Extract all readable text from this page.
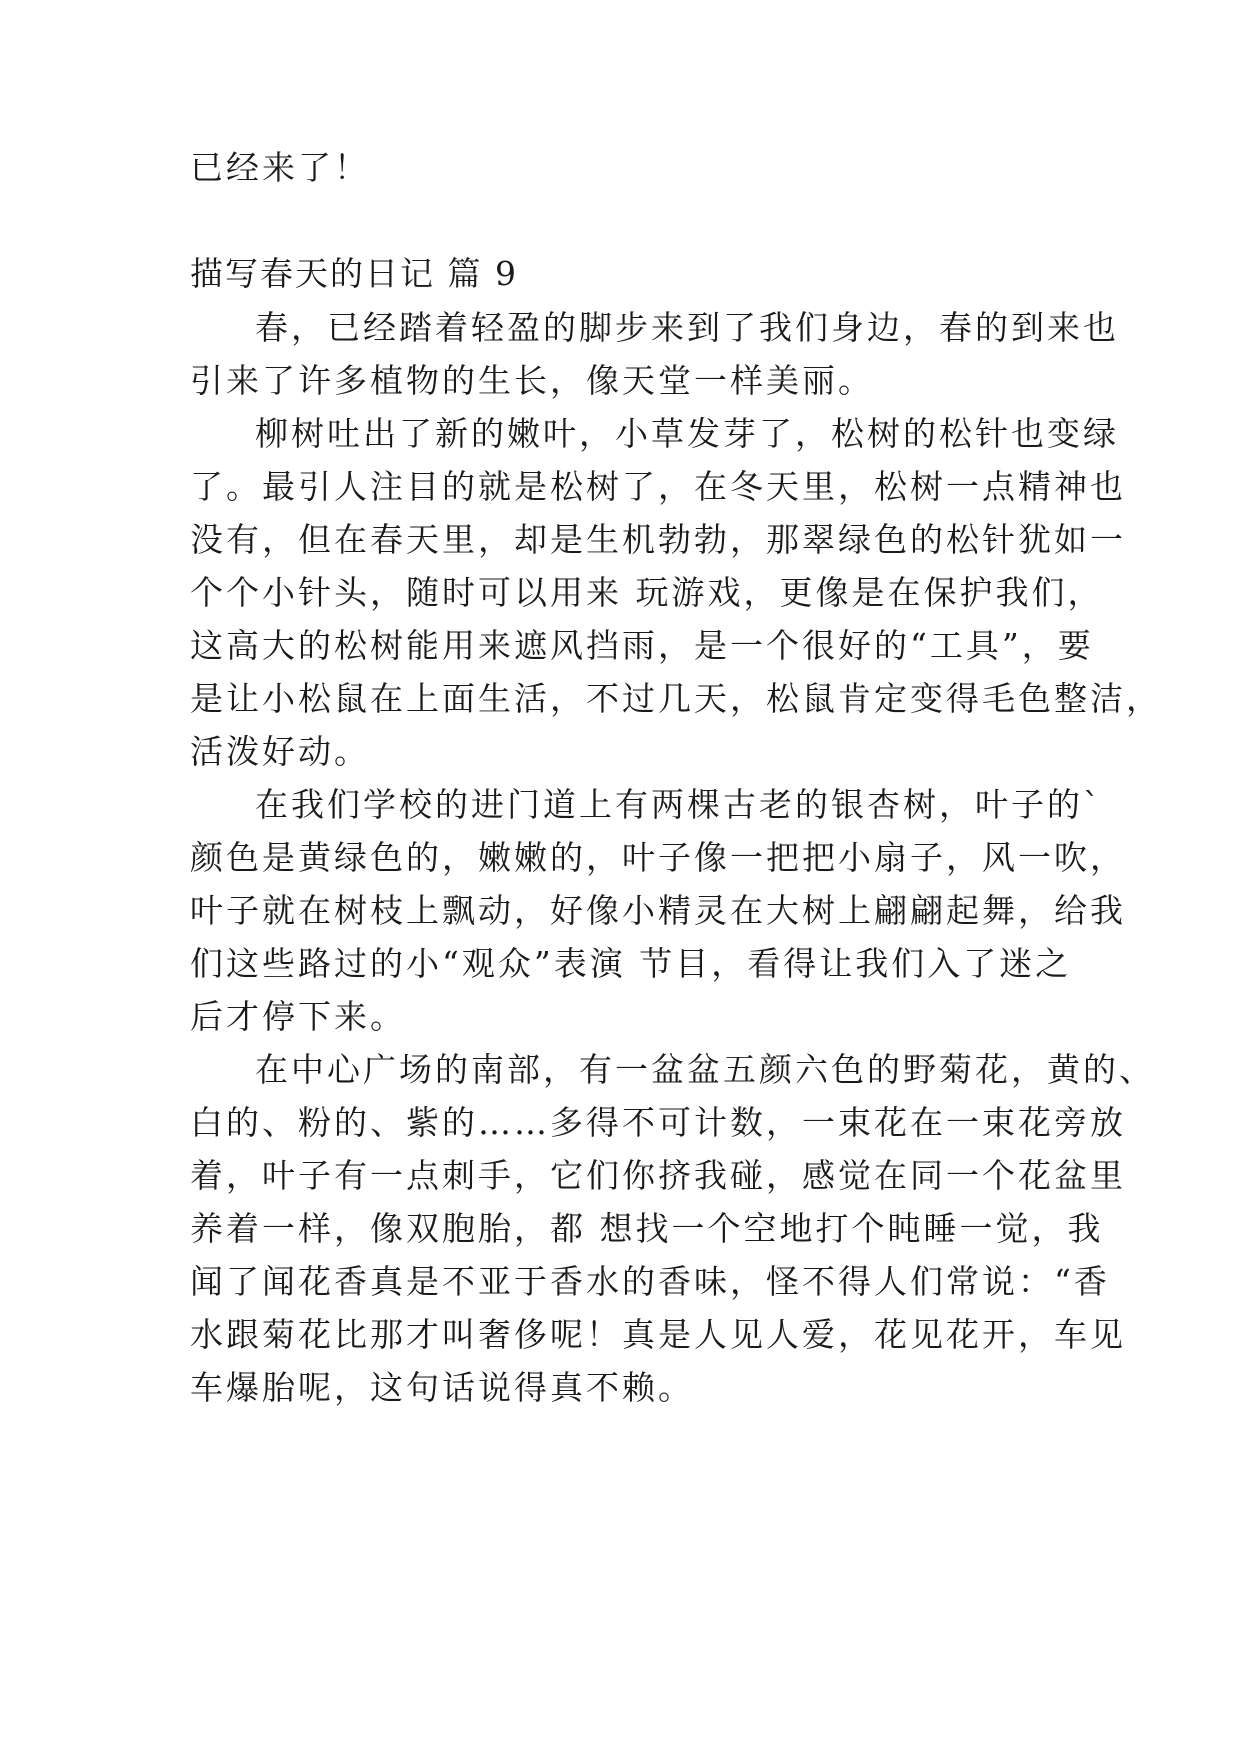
已经来了！
描写春天的日记 篇 9
春，已经踏着轻盈的脚步来到了我们身边，春的到来也
引来了许多植物的生长，像天堂一样美丽。
柳树吐出了新的嫩叶，小草发芽了，松树的松针也变绿
了。最引人注目的就是松树了，在冬天里，松树一点精神也
没有，但在春天里，却是生机勃勃，那翠绿色的松针犹如一
个个小针头，随时可以用来 玩游戏，更像是在保护我们，
这高大的松树能用来遮风挡雨，是一个很好的“工具”，要
是让小松鼠在上面生活，不过几天，松鼠肯定变得毛色整洁，
活泼好动。
在我们学校的进门道上有两棵古老的银杏树，叶子的`
颜色是黄绿色的，嫩嫩的，叶子像一把把小扇子，风一吹，
叶子就在树枝上飘动，好像小精灵在大树上翩翩起舞，给我
们这些路过的小“观众”表演 节目，看得让我们入了迷之
后才停下来。
在中心广场的南部，有一盆盆五颜六色的野菊花，黄的、
白的、粉的、紫的……多得不可计数，一束花在一束花旁放
着，叶子有一点刺手，它们你挤我碰，感觉在同一个花盆里
养着一样，像双胞胎，都 想找一个空地打个盹睡一觉，我
闻了闻花香真是不亚于香水的香味，怪不得人们常说：“香
水跟菊花比那才叫奢侈呢！真是人见人爱，花见花开，车见
车爆胎呢，这句话说得真不赖。
